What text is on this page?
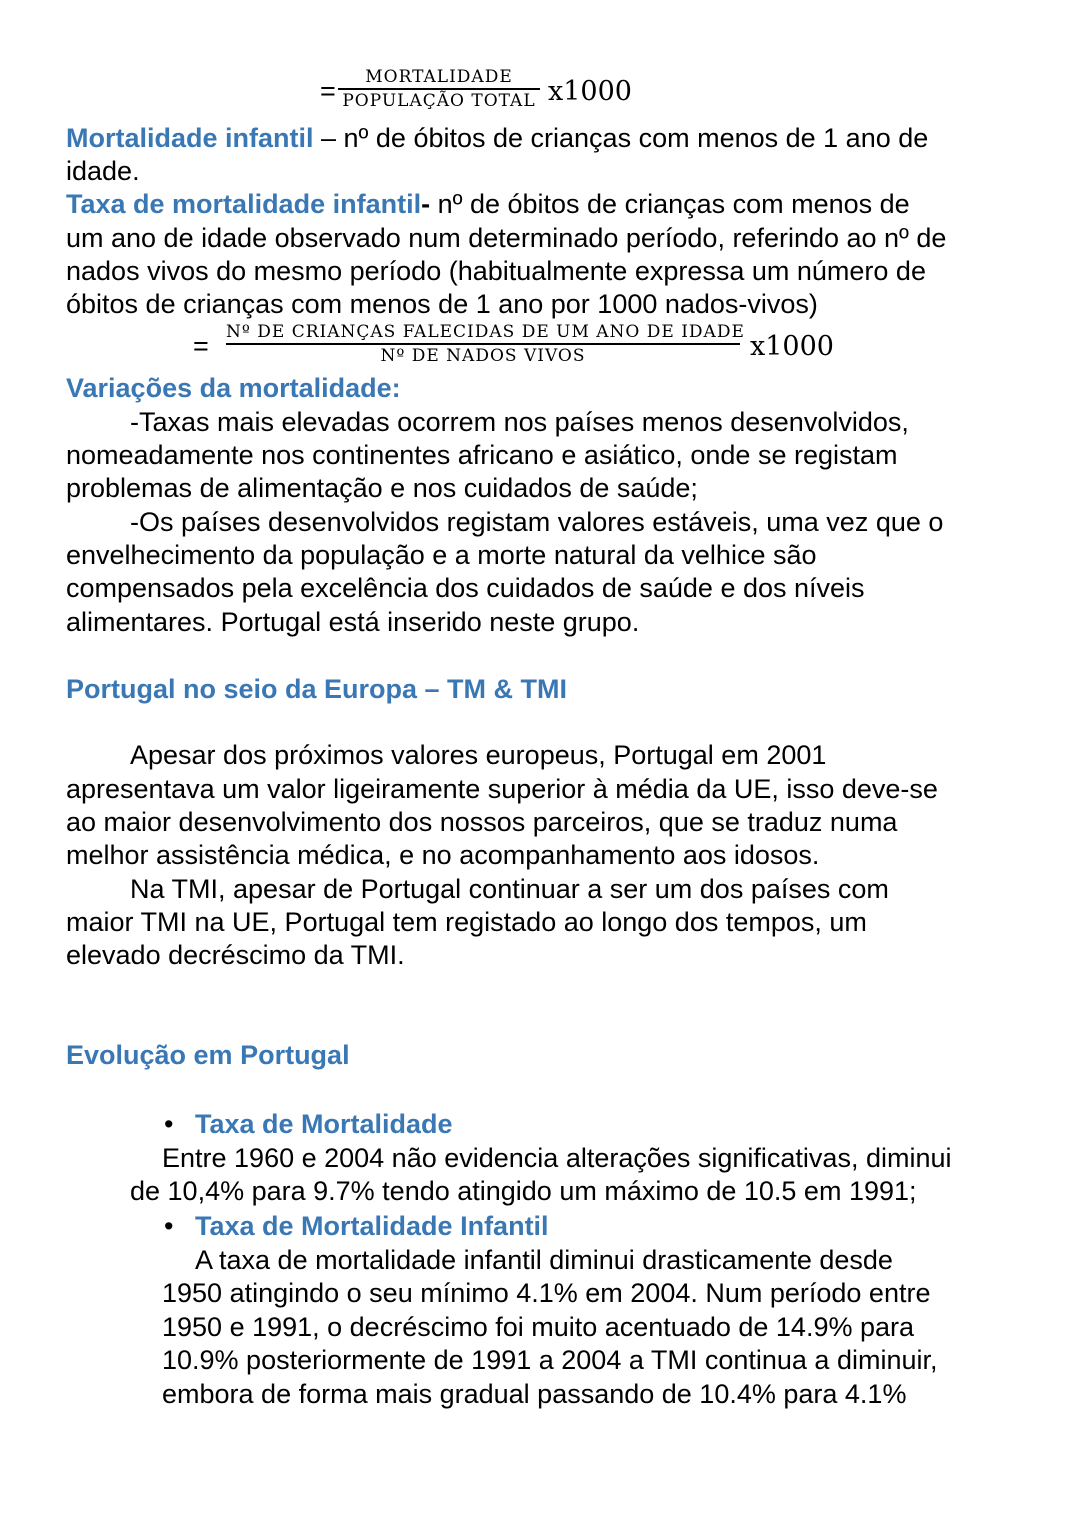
=	MORTALIDADE
POPULAÇÃO TOTAL x1000
Mortalidade infantil – nº de óbitos de crianças com menos de 1 ano de
idade.
Taxa de mortalidade infantil- nº de óbitos de crianças com menos de
um ano de idade observado num determinado período, referindo ao nº de
nados vivos do mesmo período (habitualmente expressa um número de
óbitos de crianças com menos de 1 ano por 1000 nados-vivos)
= Nº DE CRIANÇAS FALECIDAS DE UM ANO DE IDADE
Nº DE NADOS VIVOS	x1000
Variações da mortalidade:
-Taxas mais elevadas ocorrem nos países menos desenvolvidos,
nomeadamente nos continentes africano e asiático, onde se registam
problemas de alimentação e nos cuidados de saúde;
-Os países desenvolvidos registam valores estáveis, uma vez que o
envelhecimento da população e a morte natural da velhice são
compensados pela excelência dos cuidados de saúde e dos níveis
alimentares. Portugal está inserido neste grupo.
Portugal no seio da Europa – TM & TMI
Apesar dos próximos valores europeus, Portugal em 2001
apresentava um valor ligeiramente superior à média da UE, isso deve-se
ao maior desenvolvimento dos nossos parceiros, que se traduz numa
melhor assistência médica, e no acompanhamento aos idosos.
Na TMI, apesar de Portugal continuar a ser um dos países com
maior TMI na UE, Portugal tem registado ao longo dos tempos, um
elevado decréscimo da TMI.
Evolução em Portugal
• Taxa de Mortalidade
Entre 1960 e 2004 não evidencia alterações significativas, diminui
de 10,4% para 9.7% tendo atingido um máximo de 10.5 em 1991;
• Taxa de Mortalidade Infantil
A taxa de mortalidade infantil diminui drasticamente desde
1950 atingindo o seu mínimo 4.1% em 2004. Num período entre
1950 e 1991, o decréscimo foi muito acentuado de 14.9% para
10.9% posteriormente de 1991 a 2004 a TMI continua a diminuir,
embora de forma mais gradual passando de 10.4% para 4.1%
